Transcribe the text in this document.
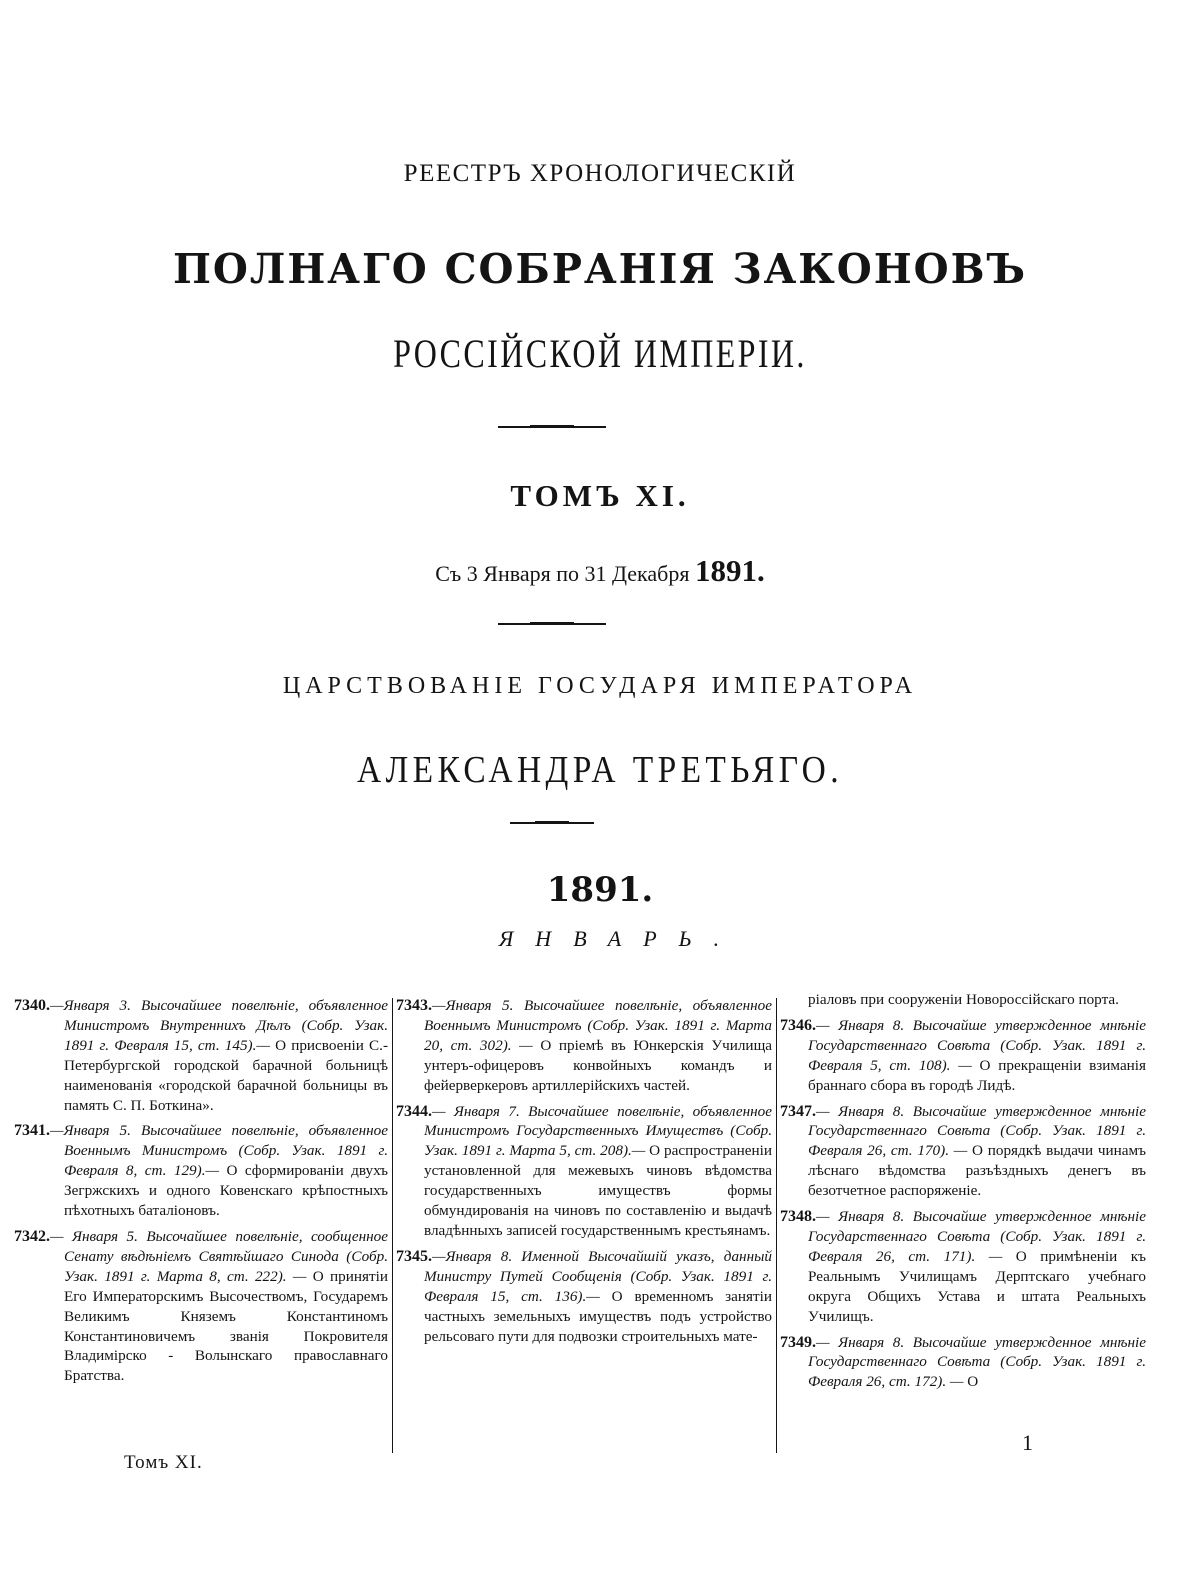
РЕЕСТРЪ ХРОНОЛОГИЧЕСКІЙ
ПОЛНАГО СОБРАНІЯ ЗАКОНОВЪ
РОССІЙСКОЙ ИМПЕРІИ.
ТОМЪ XI.
Съ 3 Января по 31 Декабря 1891.
ЦАРСТВОВАНІЕ ГОСУДАРЯ ИМПЕРАТОРА
АЛЕКСАНДРА ТРЕТЬЯГО.
1891.
ЯНВАРЬ.
7340.—Января 3. Высочайшее повелѣніе, объявленное Министромъ Внутреннихъ Дѣлъ (Собр. Узак. 1891 г. Февраля 15, ст. 145).— О присвоеніи С.-Петербургской городской барачной больницѣ наименованія «городской барачной больницы въ память С. П. Боткина».
7341.—Января 5. Высочайшее повелѣніе, объявленное Военнымъ Министромъ (Собр. Узак. 1891 г. Февраля 8, ст. 129).— О сформированіи двухъ Зегржскихъ и одного Ковенскаго крѣпостныхъ пѣхотныхъ баталіоновъ.
7342.— Января 5. Высочайшее повелѣніе, сообщенное Сенату вѣдѣніемъ Святѣйшаго Синода (Собр. Узак. 1891 г. Марта 8, ст. 222). — О принятіи Его Императорскимъ Высочествомъ, Государемъ Великимъ Княземъ Константиномъ Константиновичемъ званія Покровителя Владимірско - Волынскаго православнаго Братства.
7343.—Января 5. Высочайшее повелѣніе, объявленное Военнымъ Министромъ (Собр. Узак. 1891 г. Марта 20, ст. 302). — О пріемѣ въ Юнкерскія Училища унтеръ-офицеровъ конвойныхъ командъ и фейерверкеровъ артиллерійскихъ частей.
7344.— Января 7. Высочайшее повелѣніе, объявленное Министромъ Государственныхъ Имуществъ (Собр. Узак. 1891 г. Марта 5, ст. 208).— О распространеніи установленной для межевыхъ чиновъ вѣдомства государственныхъ имуществъ формы обмундированія на чиновъ по составленію и выдачѣ владѣнныхъ записей государственнымъ крестьянамъ.
7345.—Января 8. Именной Высочайшій указъ, данный Министру Путей Сообщенія (Собр. Узак. 1891 г. Февраля 15, ст. 136).— О временномъ занятіи частныхъ земельныхъ имуществъ подъ устройство рельсоваго пути для подвозки строительныхъ мате-
ріаловъ при сооруженіи Новороссійскаго порта.
7346.— Января 8. Высочайше утвержденное мнѣніе Государственнаго Совѣта (Собр. Узак. 1891 г. Февраля 5, ст. 108). — О прекращеніи взиманія браннаго сбора въ городѣ Лидѣ.
7347.— Января 8. Высочайше утвержденное мнѣніе Государственнаго Совѣта (Собр. Узак. 1891 г. Февраля 26, ст. 170). — О порядкѣ выдачи чинамъ лѣснаго вѣдомства разъѣздныхъ денегъ въ безотчетное распоряженіе.
7348.— Января 8. Высочайше утвержденное мнѣніе Государственнаго Совѣта (Собр. Узак. 1891 г. Февраля 26, ст. 171). — О примѣненіи къ Реальнымъ Училищамъ Дерптскаго учебнаго округа Общихъ Устава и штата Реальныхъ Училищъ.
7349.— Января 8. Высочайше утвержденное мнѣніе Государственнаго Совѣта (Собр. Узак. 1891 г. Февраля 26, ст. 172). — О
Томъ XI.
1
